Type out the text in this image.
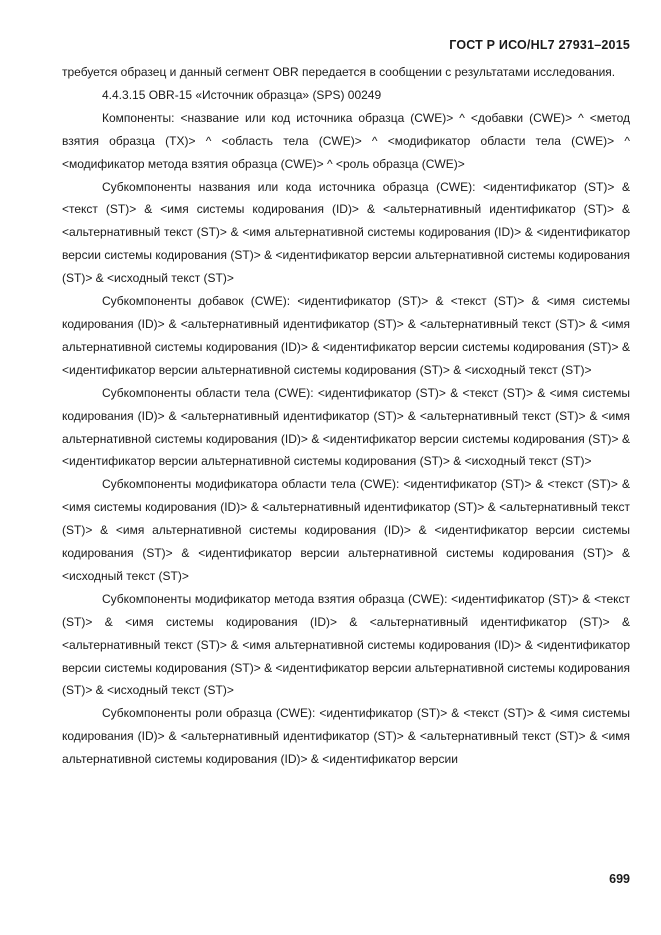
ГОСТ Р ИСО/HL7 27931–2015

требуется образец и данный сегмент OBR передается в сообщении с результатами исследования.

4.4.3.15 OBR-15 «Источник образца» (SPS) 00249

Компоненты: <название или код источника образца (CWE)> ^ <добавки (CWE)> ^ <метод взятия образца (TX)> ^ <область тела (CWE)> ^ <модификатор области тела (CWE)> ^ <модификатор метода взятия образца (CWE)> ^ <роль образца (CWE)>

Субкомпоненты названия или кода источника образца (CWE): <идентификатор (ST)> & <текст (ST)> & <имя системы кодирования (ID)> & <альтернативный идентификатор (ST)> & <альтернативный текст (ST)> & <имя альтернативной системы кодирования (ID)> & <идентификатор версии системы кодирования (ST)> & <идентификатор версии альтернативной системы кодирования (ST)> & <исходный текст (ST)>

Субкомпоненты добавок (CWE): <идентификатор (ST)> & <текст (ST)> & <имя системы кодирования (ID)> & <альтернативный идентификатор (ST)> & <альтернативный текст (ST)> & <имя альтернативной системы кодирования (ID)> & <идентификатор версии системы кодирования (ST)> & <идентификатор версии альтернативной системы кодирования (ST)> & <исходный текст (ST)>

Субкомпоненты области тела (CWE): <идентификатор (ST)> & <текст (ST)> & <имя системы кодирования (ID)> & <альтернативный идентификатор (ST)> & <альтернативный текст (ST)> & <имя альтернативной системы кодирования (ID)> & <идентификатор версии системы кодирования (ST)> & <идентификатор версии альтернативной системы кодирования (ST)> & <исходный текст (ST)>

Субкомпоненты модификатора области тела (CWE): <идентификатор (ST)> & <текст (ST)> & <имя системы кодирования (ID)> & <альтернативный идентификатор (ST)> & <альтернативный текст (ST)> & <имя альтернативной системы кодирования (ID)> & <идентификатор версии системы кодирования (ST)> & <идентификатор версии альтернативной системы кодирования (ST)> & <исходный текст (ST)>

Субкомпоненты модификатор метода взятия образца (CWE): <идентификатор (ST)> & <текст (ST)> & <имя системы кодирования (ID)> & <альтернативный идентификатор (ST)> & <альтернативный текст (ST)> & <имя альтернативной системы кодирования (ID)> & <идентификатор версии системы кодирования (ST)> & <идентификатор версии альтернативной системы кодирования (ST)> & <исходный текст (ST)>

Субкомпоненты роли образца (CWE): <идентификатор (ST)> & <текст (ST)> & <имя системы кодирования (ID)> & <альтернативный идентификатор (ST)> & <альтернативный текст (ST)> & <имя альтернативной системы кодирования (ID)> & <идентификатор версии

699
